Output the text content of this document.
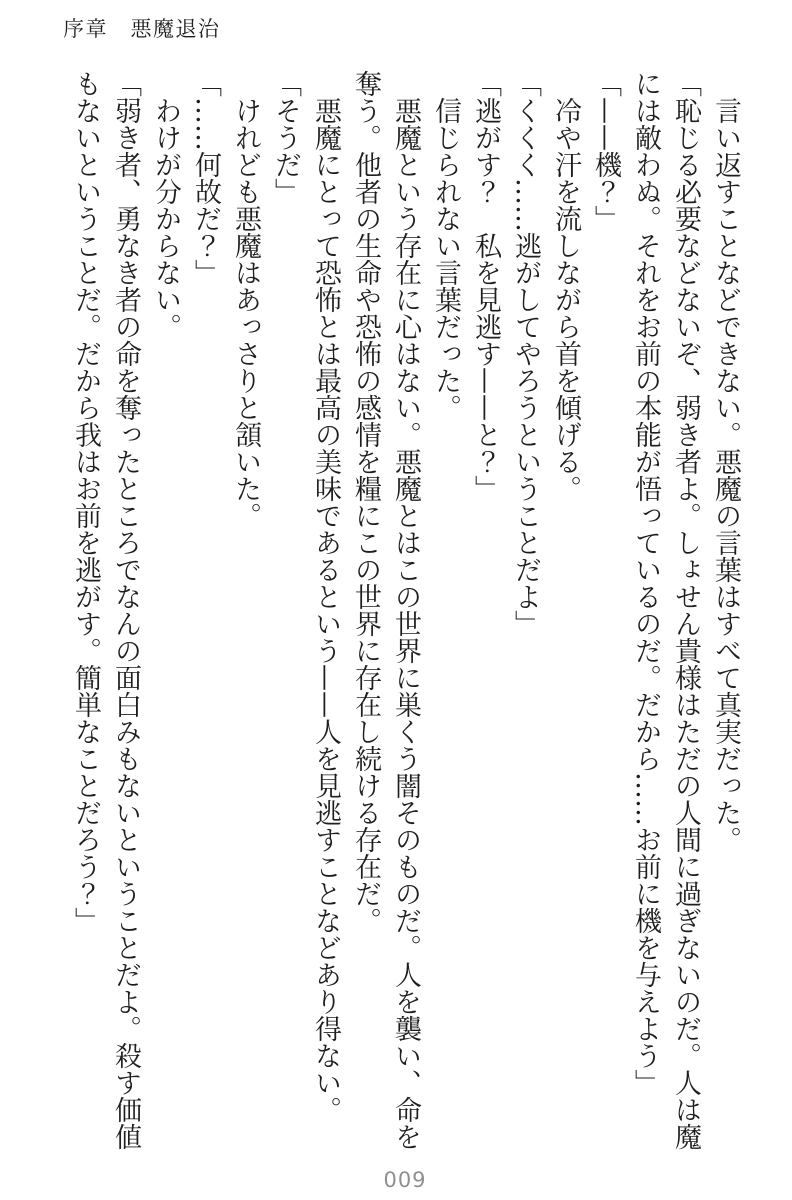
序章　悪魔退治

言い返すことなどできない。悪魔の言葉はすべて真実だった。

「恥じる必要などないぞ、弱き者よ。しょせん貴様はただの人間に過ぎないのだ。人は魔

には敵わぬ。それをお前の本能が悟っているのだ。だから……お前に機を与えよう」

「——機？」

冷や汗を流しながら首を傾げる。

「くくく……逃がしてやろうということだよ」

「逃がす？　私を見逃す——と？」

信じられない言葉だった。

悪魔という存在に心はない。悪魔とはこの世界に巣くう闇そのものだ。人を襲い、命を

奪う。他者の生命や恐怖の感情を糧にこの世界に存在し続ける存在だ。

悪魔にとって恐怖とは最高の美味であるという——人を見逃すことなどあり得ない。

「そうだ」

けれども悪魔はあっさりと頷いた。

「……何故だ？」

わけが分からない。

「弱き者、勇なき者の命を奪ったところでなんの面白みもないということだよ。殺す価値

もないということだ。だから我はお前を逃がす。簡単なことだろう？」

009
